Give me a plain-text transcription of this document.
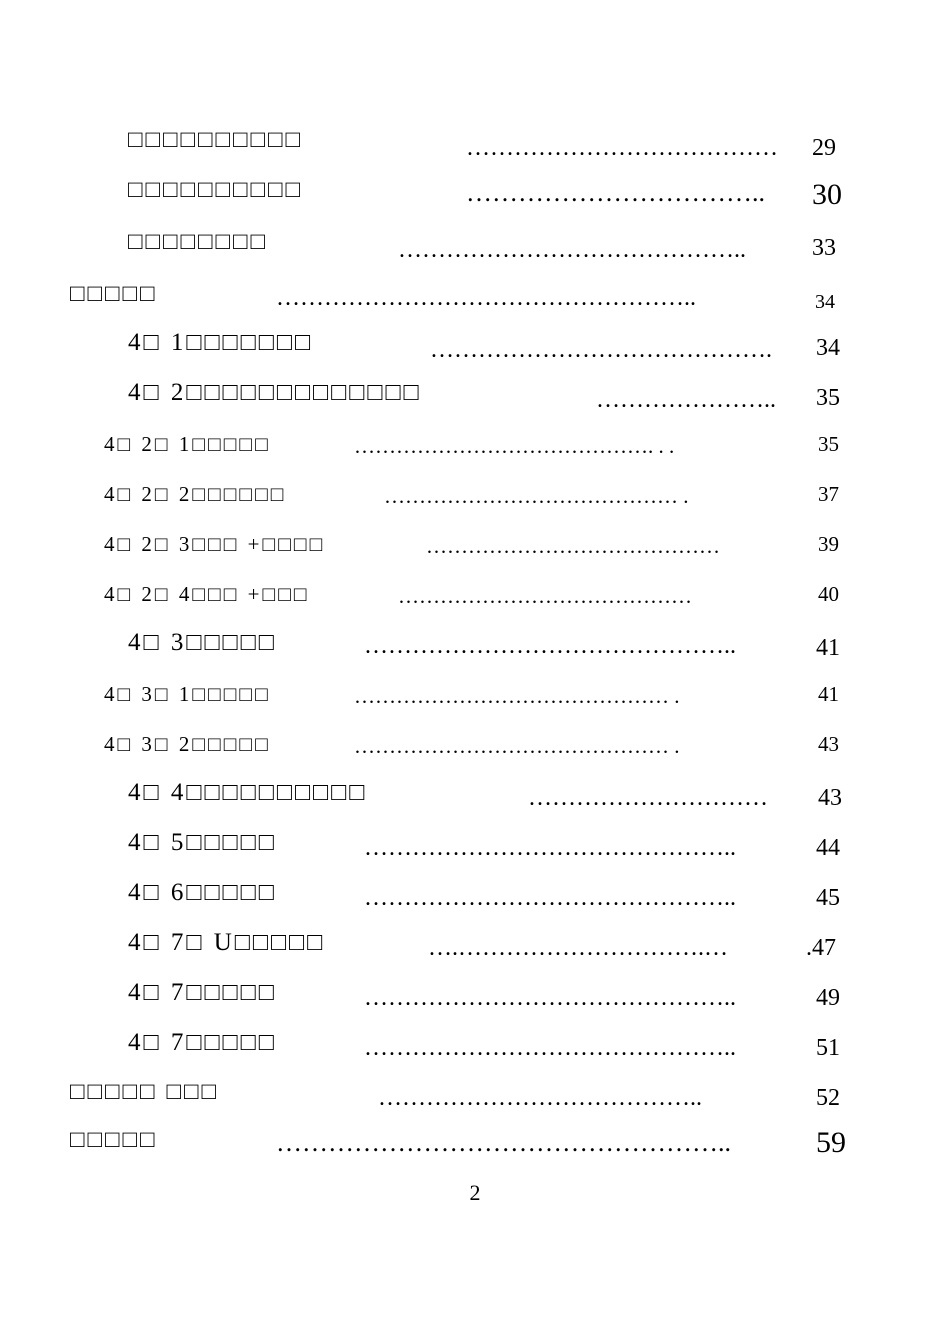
□□□□□□□□□□	………………………………… 29
□□□□□□□□□□	…………………………….. 30
□□□□□□□□	……………………………………..	33
□□□□□	……………………………………………..	34
4□ 1□□□□□□□	……………………………………. 34
4□ 2□□□□□□□□□□□□□	………………….. 35
4□ 2□ 1□□□□□	……………………………………. . .	35
4□ 2□ 2□□□□□□	…………………………………… .	37
4□ 2□ 3□□□ +□□□□	……………………………………	39
4□ 2□ 4□□□ +□□□	……………………………………	40
4□ 3□□□□□	………………………………………..	41
4□ 3□ 1□□□□□	……………………………………… .	41
4□ 3□ 2□□□□□	……………………………………… .	43
4□ 4□□□□□□□□□□	………………………… 43
4□ 5□□□□□	………………………………………..	44
4□ 6□□□□□	………………………………………..	45
4□ 7□ U□□□□□	….………………………….…	.47
4□ 7□□□□□	………………………………………..	49
4□ 7□□□□□	………………………………………..	51
□□□□□ □□□	…………………………………..	52
□□□□□	……………………………………………..	59
2
